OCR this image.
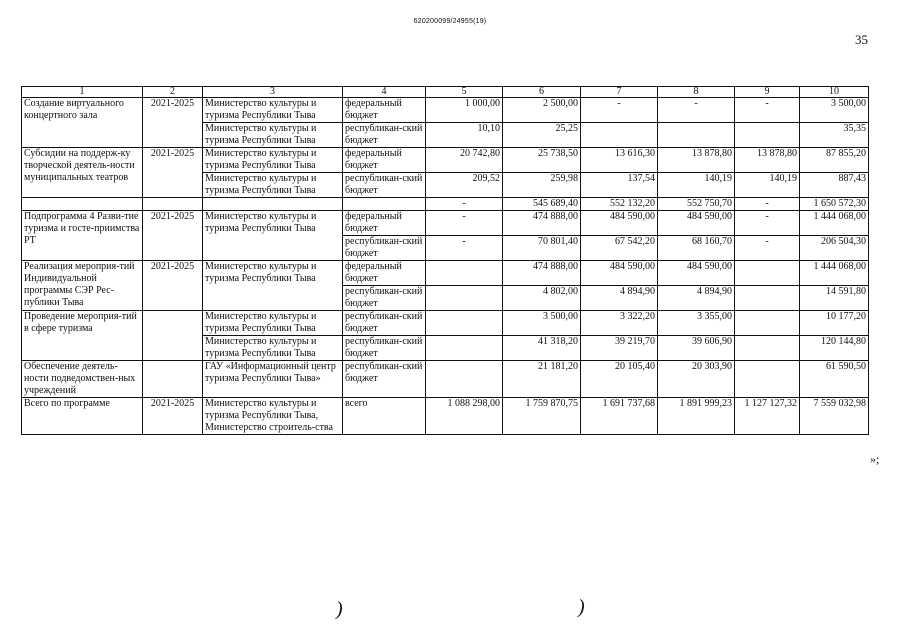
620200099/24955(19)
35
1	2	3	4	5	6	7	8	9	10
Создание виртуального концертного зала	2021-2025	Министерство культуры и туризма Республики Тыва	федеральный бюджет	1 000,00	2 500,00	-	-	-	3 500,00
		Министерство культуры и туризма Республики Тыва	республикан-ский бюджет	10,10	25,25				35,35
Субсидии на поддерж-ку творческой деятель-ности муниципальных театров	2021-2025	Министерство культуры и туризма Республики Тыва	федеральный бюджет	20 742,80	25 738,50	13 616,30	13 878,80	13 878,80	87 855,20
		Министерство культуры и туризма Республики Тыва	республикан-ский бюджет	209,52	259,98	137,54	140,19	140,19	887,43
				-	545 689,40	552 132,20	552 750,70	-	1 650 572,30
Подпрограмма 4 Разви-тие туризма и госте-приимства РТ	2021-2025	Министерство культуры и туризма Республики Тыва	федеральный бюджет	-	474 888,00	484 590,00	484 590,00	-	1 444 068,00
			республикан-ский бюджет	-	70 801,40	67 542,20	68 160,70	-	206 504,30
Реализация мероприя-тий Индивидуальной программы СЭР Рес-публики Тыва	2021-2025	Министерство культуры и туризма Республики Тыва	федеральный бюджет		474 888,00	484 590,00	484 590,00		1 444 068,00
			республикан-ский бюджет		4 802,00	4 894,90	4 894,90		14 591,80
Проведение мероприя-тий в сфере туризма		Министерство культуры и туризма Республики Тыва	республикан-ский бюджет		3 500,00	3 322,20	3 355,00		10 177,20
		Министерство культуры и туризма Республики Тыва	республикан-ский бюджет		41 318,20	39 219,70	39 606,90		120 144,80
Обеспечение деятель-ности подведомствен-ных учреждений		ГАУ «Информационный центр туризма Республики Тыва»	республикан-ский бюджет		21 181,20	20 105,40	20 303,90		61 590,50
Всего по программе	2021-2025	Министерство культуры и туризма Республики Тыва, Министерство строитель-ства	всего	1 088 298,00	1 759 870,75	1 691 737,68	1 891 999,23	1 127 127,32	7 559 032,98
»;
)	)
